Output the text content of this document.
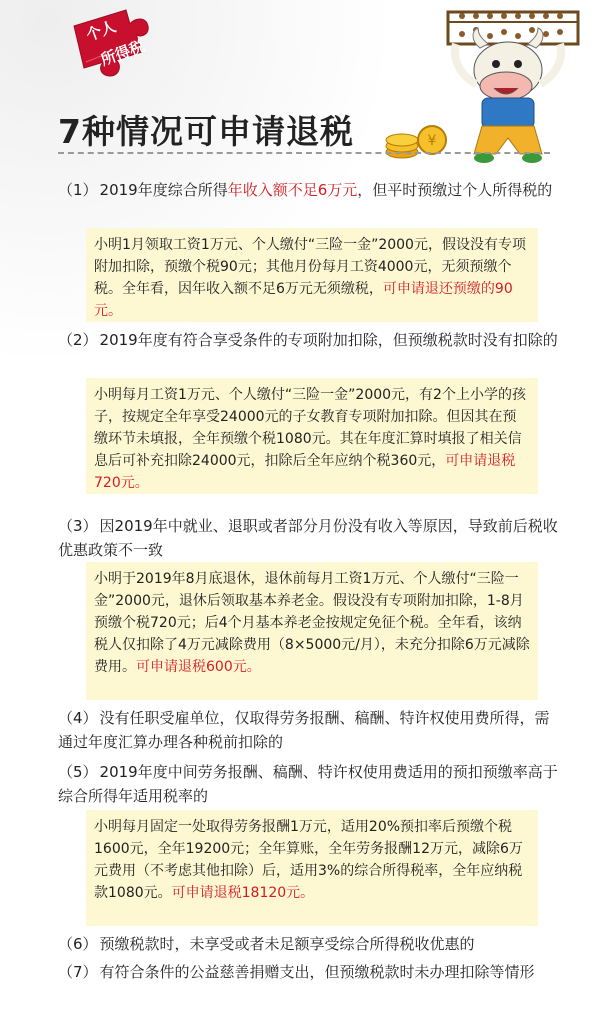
个人
所得税
¥
7种情况可申请退税
（1） 2019年度综合所得年收入额不足6万元，但平时预缴过个人所得税的
小明1月领取工资1万元、个人缴付“三险一金”2000元，假设没有专项附加扣除，预缴个税90元；其他月份每月工资4000元，无须预缴个税。全年看，因年收入额不足6万元无须缴税，可申请退还预缴的90元。
（2） 2019年度有符合享受条件的专项附加扣除，但预缴税款时没有扣除的
小明每月工资1万元、个人缴付“三险一金”2000元，有2个上小学的孩子，按规定全年享受24000元的子女教育专项附加扣除。但因其在预缴环节未填报，全年预缴个税1080元。其在年度汇算时填报了相关信息后可补充扣除24000元，扣除后全年应纳个税360元，可申请退税720元。
（3） 因2019年中就业、退职或者部分月份没有收入等原因，导致前后税收优惠政策不一致
小明于2019年8月底退休，退休前每月工资1万元、个人缴付“三险一金”2000元，退休后领取基本养老金。假设没有专项附加扣除，1-8月预缴个税720元；后4个月基本养老金按规定免征个税。全年看，该纳税人仅扣除了4万元减除费用（8×5000元/月），未充分扣除6万元减除费用。可申请退税600元。
（4） 没有任职受雇单位，仅取得劳务报酬、稿酬、特许权使用费所得，需通过年度汇算办理各种税前扣除的
（5） 2019年度中间劳务报酬、稿酬、特许权使用费适用的预扣预缴率高于综合所得年适用税率的
小明每月固定一处取得劳务报酬1万元，适用20%预扣率后预缴个税1600元，全年19200元；全年算账，全年劳务报酬12万元，减除6万元费用（不考虑其他扣除）后，适用3%的综合所得税率，全年应纳税款1080元。可申请退税18120元。
（6） 预缴税款时，未享受或者未足额享受综合所得税收优惠的
（7） 有符合条件的公益慈善捐赠支出，但预缴税款时未办理扣除等情形
